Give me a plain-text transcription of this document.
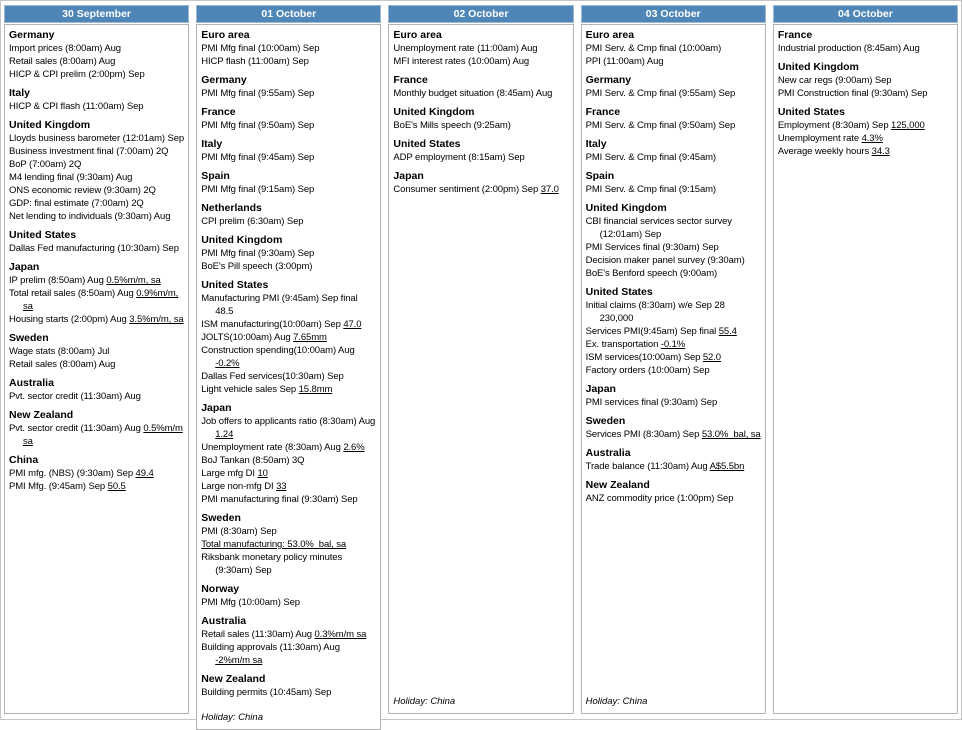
30 September
Germany
Import prices (8:00am) Aug
Retail sales (8:00am) Aug
HICP & CPI prelim (2:00pm) Sep
Italy
HICP & CPI flash (11:00am) Sep
United Kingdom
Lloyds business barometer (12:01am) Sep
Business investment final (7:00am) 2Q
BoP (7:00am) 2Q
M4 lending final (9:30am) Aug
ONS economic review (9:30am) 2Q
GDP: final estimate (7:00am) 2Q
Net lending to individuals (9:30am) Aug
United States
Dallas Fed manufacturing (10:30am) Sep
Japan
IP prelim (8:50am) Aug 0.5%m/m, sa
Total retail sales (8:50am) Aug 0.9%m/m, sa
Housing starts (2:00pm) Aug 3.5%m/m, sa
Sweden
Wage stats (8:00am) Jul
Retail sales (8:00am) Aug
Australia
Pvt. sector credit (11:30am) Aug
New Zealand
Pvt. sector credit (11:30am) Aug 0.5%m/m sa
China
PMI mfg. (NBS) (9:30am) Sep 49.4
PMI Mfg. (9:45am) Sep 50.5
01 October
Euro area
PMI Mfg final (10:00am) Sep
HICP flash (11:00am) Sep
Germany
PMI Mfg final (9:55am) Sep
France
PMI Mfg final (9:50am) Sep
Italy
PMI Mfg final (9:45am) Sep
Spain
PMI Mfg final (9:15am) Sep
Netherlands
CPI prelim (6:30am) Sep
United Kingdom
PMI Mfg final (9:30am) Sep
BoE's Pill speech (3:00pm)
United States
Manufacturing PMI (9:45am) Sep final 48.5
ISM manufacturing(10:00am) Sep 47.0
JOLTS(10:00am) Aug 7.65mm
Construction spending(10:00am) Aug -0.2%
Dallas Fed services(10:30am) Sep
Light vehicle sales Sep 15.8mm
Japan
Job offers to applicants ratio (8:30am) Aug 1.24
Unemployment rate (8:30am) Aug 2.6%
BoJ Tankan (8:50am) 3Q
Large mfg DI 10
Large non-mfg DI 33
PMI manufacturing final (9:30am) Sep
Sweden
PMI (8:30am) Sep
Total manufacturing: 53.0%  bal, sa
Riksbank monetary policy minutes (9:30am) Sep
Norway
PMI Mfg (10:00am) Sep
Australia
Retail sales (11:30am) Aug 0.3%m/m sa
Building approvals (11:30am) Aug -2%m/m sa
New Zealand
Building permits (10:45am) Sep
Holiday: China
02 October
Euro area
Unemployment rate (11:00am) Aug
MFI interest rates (10:00am) Aug
France
Monthly budget situation (8:45am) Aug
United Kingdom
BoE's Mills speech (9:25am)
United States
ADP employment (8:15am) Sep
Japan
Consumer sentiment (2:00pm) Sep 37.0
Holiday: China
03 October
Euro area
PMI Serv. & Cmp final (10:00am)
PPI (11:00am) Aug
Germany
PMI Serv. & Cmp final (9:55am) Sep
France
PMI Serv. & Cmp final (9:50am) Sep
Italy
PMI Serv. & Cmp final (9:45am)
Spain
PMI Serv. & Cmp final (9:15am)
United Kingdom
CBI financial services sector survey (12:01am) Sep
PMI Services final (9:30am) Sep
Decision maker panel survey (9:30am)
BoE's Benford speech (9:00am)
United States
Initial claims (8:30am) w/e Sep 28 230,000
Services PMI(9:45am) Sep final 55.4
Ex. transportation -0.1%
ISM services(10:00am) Sep 52.0
Factory orders (10:00am) Sep
Japan
PMI services final (9:30am) Sep
Sweden
Services PMI (8:30am) Sep 53.0%  bal, sa
Australia
Trade balance (11:30am) Aug A$5.5bn
New Zealand
ANZ commodity price (1:00pm) Sep
Holiday: China
04 October
France
Industrial production (8:45am) Aug
United Kingdom
New car regs (9:00am) Sep
PMI Construction final (9:30am) Sep
United States
Employment (8:30am) Sep 125,000
Unemployment rate 4.3%
Average weekly hours 34.3
